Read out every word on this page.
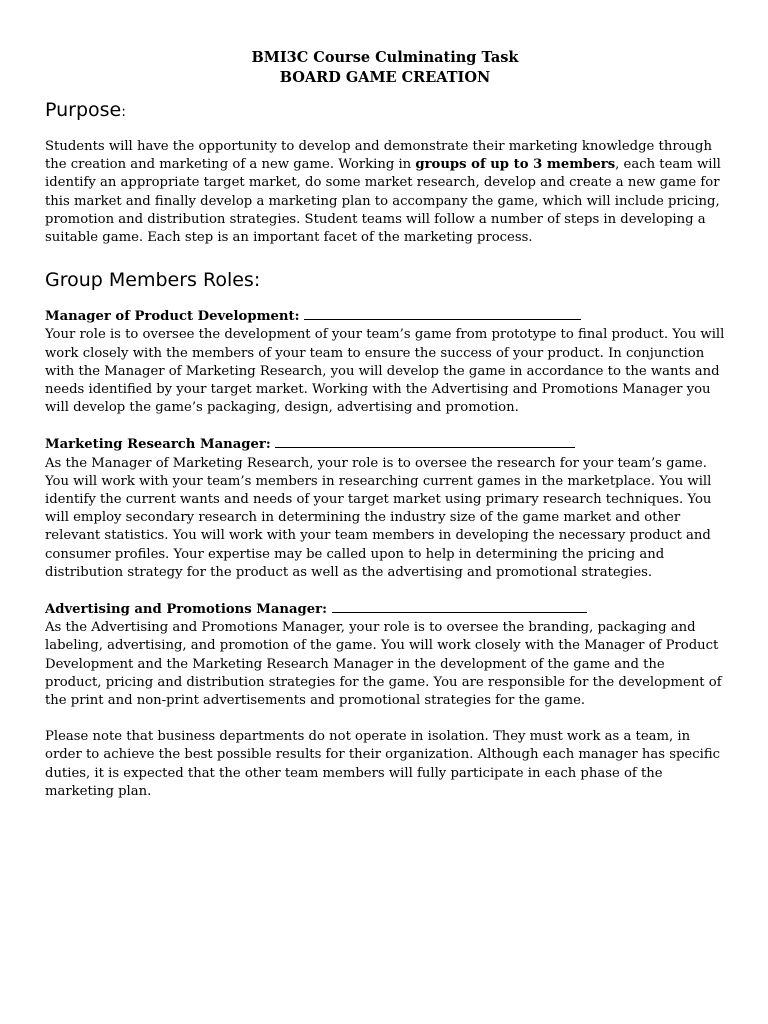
BMI3C Course Culminating Task
BOARD GAME CREATION
Purpose:

Students will have the opportunity to develop and demonstrate their marketing knowledge through the creation and marketing of a new game. Working in groups of up to 3 members, each team will identify an appropriate target market, do some market research, develop and create a new game for this market and finally develop a marketing plan to accompany the game, which will include pricing, promotion and distribution strategies. Student teams will follow a number of steps in developing a suitable game. Each step is an important facet of the marketing process.

Group Members Roles:
Manager of Product Development:

Your role is to oversee the development of your team’s game from prototype to final product. You will work closely with the members of your team to ensure the success of your product. In conjunction with the Manager of Marketing Research, you will develop the game in accordance to the wants and needs identified by your target market. Working with the Advertising and Promotions Manager you will develop the game’s packaging, design, advertising and promotion.

Marketing Research Manager:

As the Manager of Marketing Research, your role is to oversee the research for your team’s game. You will work with your team’s members in researching current games in the marketplace. You will identify the current wants and needs of your target market using primary research techniques. You will employ secondary research in determining the industry size of the game market and other relevant statistics. You will work with your team members in developing the necessary product and consumer profiles. Your expertise may be called upon to help in determining the pricing and distribution strategy for the product as well as the advertising and promotional strategies.

Advertising and Promotions Manager:

As the Advertising and Promotions Manager, your role is to oversee the branding, packaging and labeling, advertising, and promotion of the game. You will work closely with the Manager of Product Development and the Marketing Research Manager in the development of the game and the product, pricing and distribution strategies for the game. You are responsible for the development of the print and non-print advertisements and promotional strategies for the game.

Please note that business departments do not operate in isolation. They must work as a team, in order to achieve the best possible results for their organization. Although each manager has specific duties, it is expected that the other team members will fully participate in each phase of the marketing plan.
